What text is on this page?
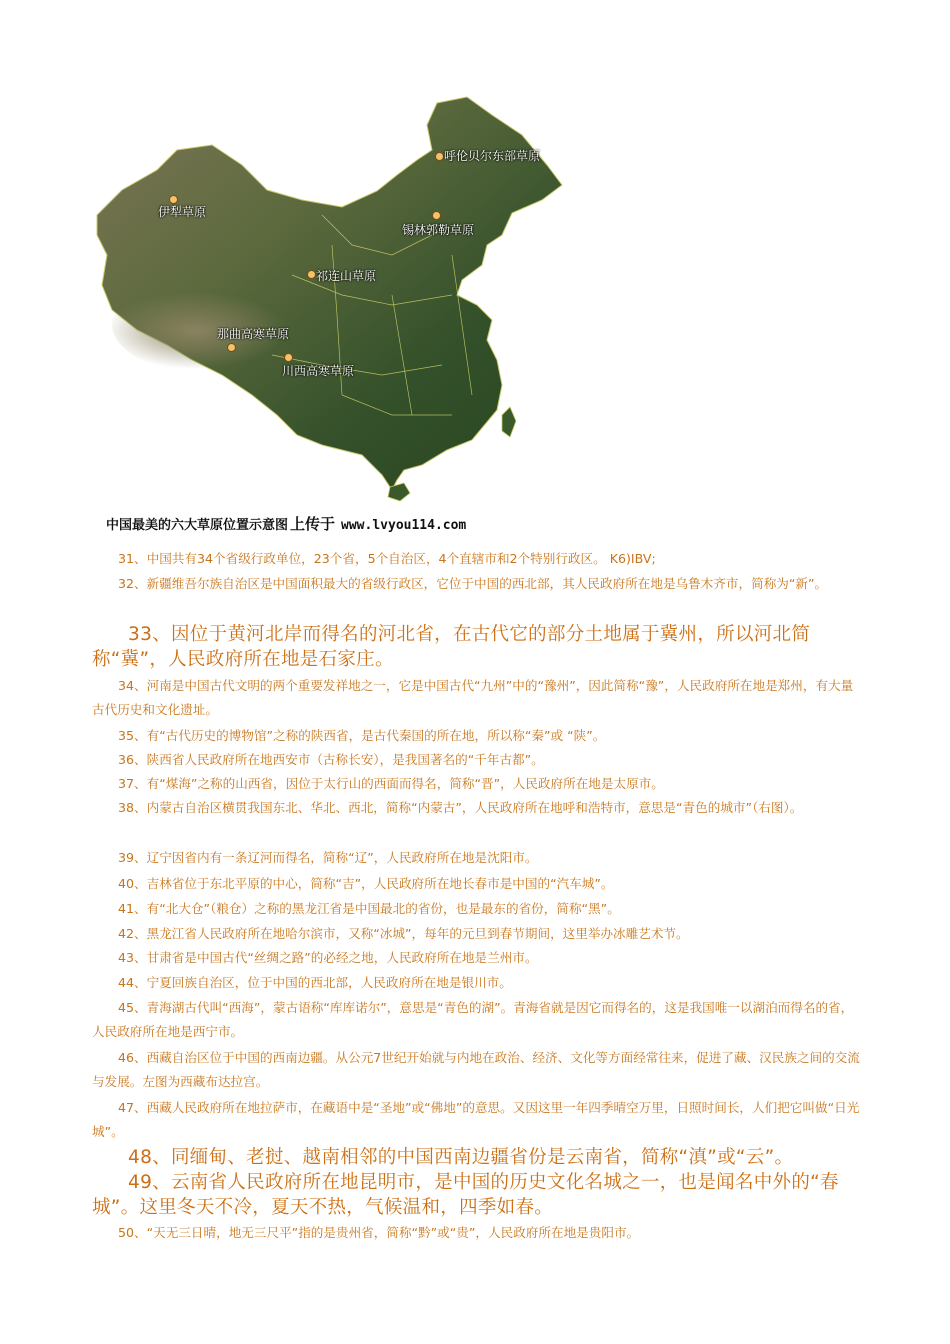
呼伦贝尔东部草原
伊犁草原
锡林郭勒草原
祁连山草原
那曲高寒草原
川西高寒草原
中国最美的六大草原位置示意图 上传于 www.lvyou114.com

31、中国共有34个省级行政单位，23个省，5个自治区，4个直辖市和2个特别行政区。 K6)IBV;

32、新疆维吾尔族自治区是中国面积最大的省级行政区，它位于中国的西北部，其人民政府所在地是乌鲁木齐市，简称为“新”。

33、因位于黄河北岸而得名的河北省，在古代它的部分土地属于冀州，所以河北简称“冀”，人民政府所在地是石家庄。

34、河南是中国古代文明的两个重要发祥地之一，它是中国古代“九州”中的“豫州”，因此简称“豫”，人民政府所在地是郑州，有大量古代历史和文化遗址。

35、有“古代历史的博物馆”之称的陕西省，是古代秦国的所在地，所以称“秦”或 “陕”。

36、陕西省人民政府所在地西安市（古称长安），是我国著名的“千年古都”。

37、有“煤海”之称的山西省，因位于太行山的西面而得名，简称“晋”，人民政府所在地是太原市。

38、内蒙古自治区横贯我国东北、华北、西北，简称“内蒙古”，人民政府所在地呼和浩特市，意思是“青色的城市”（右图）。

39、辽宁因省内有一条辽河而得名，简称“辽”，人民政府所在地是沈阳市。

40、吉林省位于东北平原的中心，简称“吉”，人民政府所在地长春市是中国的“汽车城”。

41、有“北大仓”（粮仓）之称的黑龙江省是中国最北的省份，也是最东的省份，简称“黑”。

42、黑龙江省人民政府所在地哈尔滨市，又称“冰城”，每年的元旦到春节期间，这里举办冰雕艺术节。

43、甘肃省是中国古代“丝绸之路”的必经之地，人民政府所在地是兰州市。

44、宁夏回族自治区，位于中国的西北部，人民政府所在地是银川市。

45、青海湖古代叫“西海”，蒙古语称“库库诺尔”，意思是“青色的湖”。青海省就是因它而得名的，这是我国唯一以湖泊而得名的省，人民政府所在地是西宁市。

46、西藏自治区位于中国的西南边疆。从公元7世纪开始就与内地在政治、经济、文化等方面经常往来，促进了藏、汉民族之间的交流与发展。左图为西藏布达拉宫。

47、西藏人民政府所在地拉萨市，在藏语中是“圣地”或“佛地”的意思。又因这里一年四季晴空万里，日照时间长，人们把它叫做“日光城”。

48、同缅甸、老挝、越南相邻的中国西南边疆省份是云南省，简称“滇”或“云”。

49、云南省人民政府所在地昆明市，是中国的历史文化名城之一，也是闻名中外的“春城”。这里冬天不冷，夏天不热，气候温和，四季如春。

50、“天无三日晴，地无三尺平”指的是贵州省，简称“黔”或“贵”，人民政府所在地是贵阳市。
